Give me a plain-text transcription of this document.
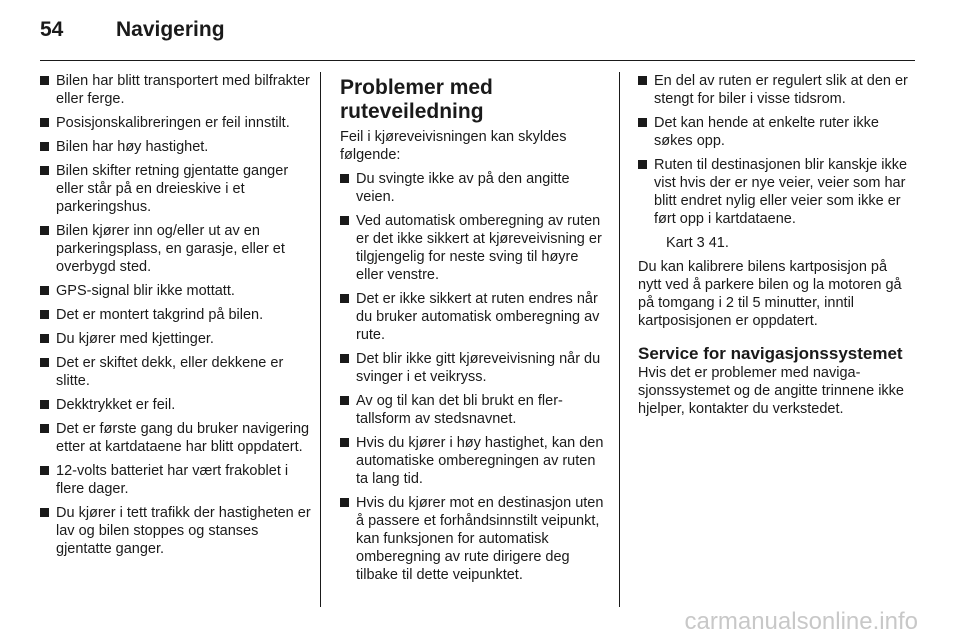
54	Navigering
Bilen har blitt transportert med bilfrakter eller ferge.
Posisjonskalibreringen er feil innstilt.
Bilen har høy hastighet.
Bilen skifter retning gjentatte ganger eller står på en dreieskive i et parkeringshus.
Bilen kjører inn og/eller ut av en parkeringsplass, en garasje, eller et overbygd sted.
GPS-signal blir ikke mottatt.
Det er montert takgrind på bilen.
Du kjører med kjettinger.
Det er skiftet dekk, eller dekkene er slitte.
Dekktrykket er feil.
Det er første gang du bruker navigering etter at kartdataene har blitt oppdatert.
12-volts batteriet har vært frakoblet i flere dager.
Du kjører i tett trafikk der hastigheten er lav og bilen stoppes og stanses gjentatte ganger.
Problemer med ruteveiledning

Feil i kjøreveivisningen kan skyldes følgende:

Du svingte ikke av på den angitte veien.
Ved automatisk omberegning av ruten er det ikke sikkert at kjøreveivisning er tilgjengelig for neste sving til høyre eller venstre.
Det er ikke sikkert at ruten endres når du bruker automatisk omberegning av rute.
Det blir ikke gitt kjøreveivisning når du svinger i et veikryss.
Av og til kan det bli brukt en flertallsform av stedsnavnet.
Hvis du kjører i høy hastighet, kan den automatiske omberegningen av ruten ta lang tid.
Hvis du kjører mot en destinasjon uten å passere et forhåndsinnstilt veipunkt, kan funksjonen for automatisk omberegning av rute dirigere deg tilbake til dette veipunktet.
En del av ruten er regulert slik at den er stengt for biler i visse tidsrom.
Det kan hende at enkelte ruter ikke søkes opp.
Ruten til destinasjonen blir kanskje ikke vist hvis der er nye veier, veier som har blitt endret nylig eller veier som ikke er ført opp i kartdataene.

Kart 3 41.

Du kan kalibrere bilens kartposisjon på nytt ved å parkere bilen og la motoren gå på tomgang i 2 til 5 minutter, inntil kartposisjonen er oppdatert.

Service for navigasjonssystemet

Hvis det er problemer med navigasjonssystemet og de angitte trinnene ikke hjelper, kontakter du verkstedet.

carmanualsonline.info
